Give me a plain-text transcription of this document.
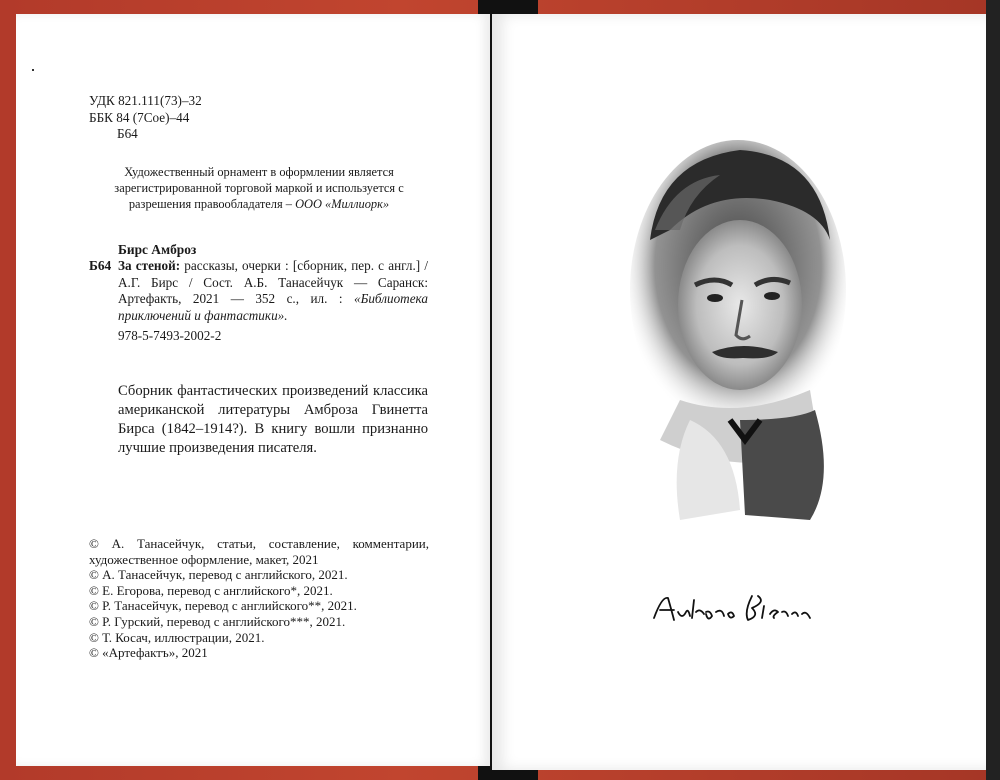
УДК 821.111(73)–32
ББК 84 (7Сое)–44
Б64
Художественный орнамент в оформлении является
зарегистрированной торговой маркой и используется с
разрешения правообладателя – ООО «Миллиорк»
Бирс Амброз
Б64 За стеной: рассказы, очерки : [сборник, пер. с англ.] / А.Г. Бирс / Сост. А.Б. Танасейчук — Саранск: Артефакть, 2021 — 352 с., ил. : «Библиотека приключений и фантастики».
978-5-7493-2002-2
Сборник фантастических произведений классика американской литературы Амброза Гвинетта Бирса (1842–1914?). В книгу вошли признанно лучшие произведения писателя.
© А. Танасейчук, статьи, составление, комментарии, художественное оформление, макет, 2021
© А. Танасейчук, перевод с английского, 2021.
© Е. Егорова, перевод с английского*, 2021.
© Р. Танасейчук, перевод с английского**, 2021.
© Р. Гурский, перевод с английского***, 2021.
© Т. Косач, иллюстрации, 2021.
© «Артефактъ», 2021
